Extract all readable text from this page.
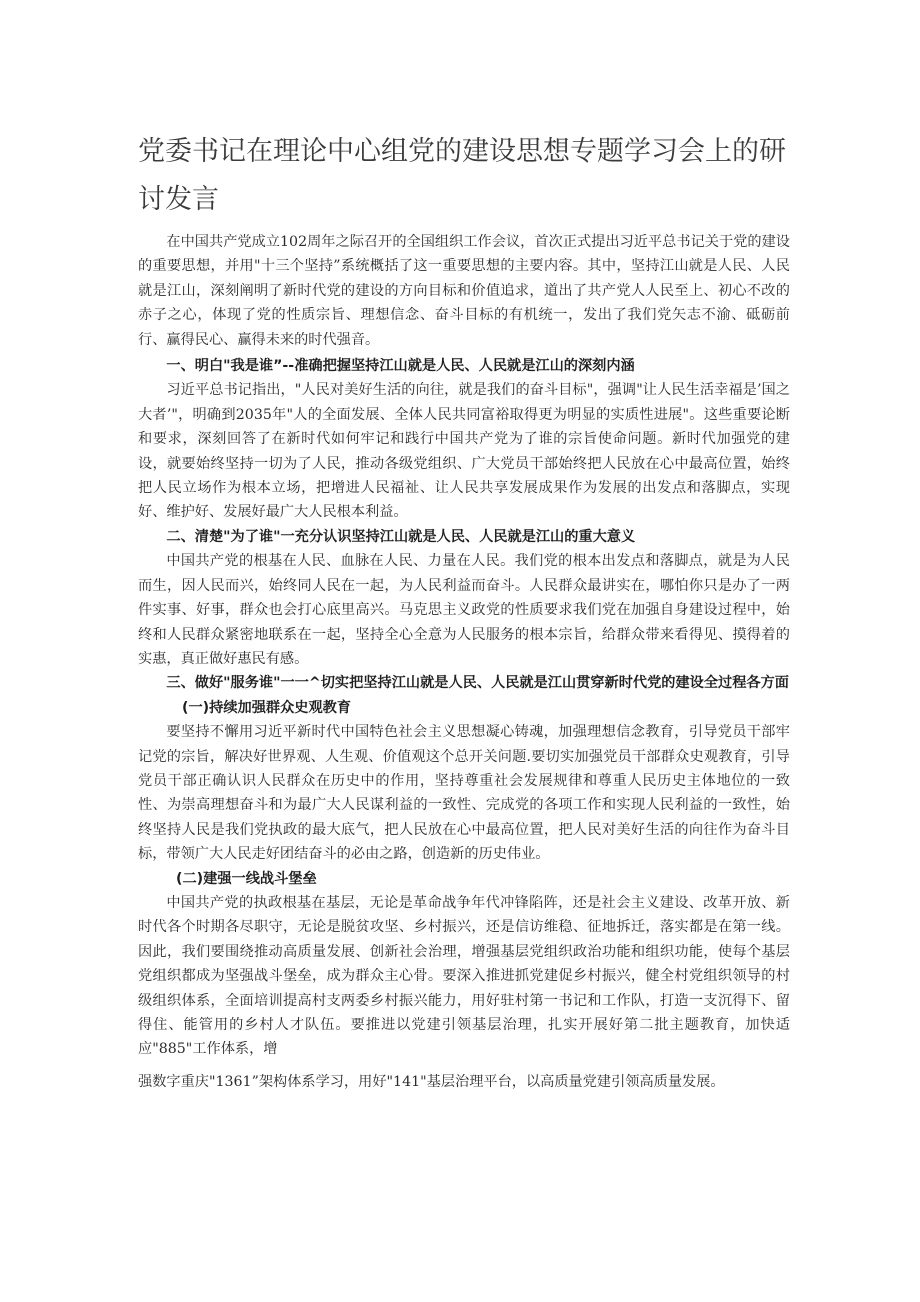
党委书记在理论中心组党的建设思想专题学习会上的研讨发言

在中国共产党成立102周年之际召开的全国组织工作会议，首次正式提出习近平总书记关于党的建设的重要思想，并用"十三个坚持”系统概括了这一重要思想的主要内容。其中，坚持江山就是人民、人民就是江山，深刻阐明了新时代党的建设的方向目标和价值追求，道出了共产党人人民至上、初心不改的赤子之心，体现了党的性质宗旨、理想信念、奋斗目标的有机统一，发出了我们党矢志不渝、砥砺前行、赢得民心、赢得未来的时代强音。

一、明白"我是谁”--准确把握坚持江山就是人民、人民就是江山的深刻内涵

习近平总书记指出，"人民对美好生活的向往，就是我们的奋斗目标"，强调"让人民生活幸福是’国之大者’"，明确到2035年"人的全面发展、全体人民共同富裕取得更为明显的实质性进展"。这些重要论断和要求，深刻回答了在新时代如何牢记和践行中国共产党为了谁的宗旨使命问题。新时代加强党的建设，就要始终坚持一切为了人民，推动各级党组织、广大党员干部始终把人民放在心中最高位置，始终把人民立场作为根本立场，把增进人民福祉、让人民共享发展成果作为发展的出发点和落脚点，实现好、维护好、发展好最广大人民根本利益。

二、清楚"为了谁"一充分认识坚持江山就是人民、人民就是江山的重大意义

中国共产党的根基在人民、血脉在人民、力量在人民。我们党的根本出发点和落脚点，就是为人民而生，因人民而兴，始终同人民在一起，为人民利益而奋斗。人民群众最讲实在，哪怕你只是办了一两件实事、好事，群众也会打心底里高兴。马克思主义政党的性质要求我们党在加强自身建设过程中，始终和人民群众紧密地联系在一起，坚持全心全意为人民服务的根本宗旨，给群众带来看得见、摸得着的实惠，真正做好惠民有感。

三、做好"服务谁"一一^切实把坚持江山就是人民、人民就是江山贯穿新时代党的建设全过程各方面
(一)持续加强群众史观教育

要坚持不懈用习近平新时代中国特色社会主义思想凝心铸魂，加强理想信念教育，引导党员干部牢记党的宗旨，解决好世界观、人生观、价值观这个总开关问题.要切实加强党员干部群众史观教育，引导党员干部正确认识人民群众在历史中的作用，坚持尊重社会发展规律和尊重人民历史主体地位的一致性、为崇高理想奋斗和为最广大人民谋利益的一致性、完成党的各项工作和实现人民利益的一致性，始终坚持人民是我们党执政的最大底气，把人民放在心中最高位置，把人民对美好生活的向往作为奋斗目标，带领广大人民走好团结奋斗的必由之路，创造新的历史伟业。

(二)建强一线战斗堡垒

中国共产党的执政根基在基层，无论是革命战争年代冲锋陷阵，还是社会主义建设、改革开放、新时代各个时期各尽职守，无论是脱贫攻坚、乡村振兴，还是信访维稳、征地拆迁，落实都是在第一线。因此，我们要围绕推动高质量发展、创新社会治理，增强基层党组织政治功能和组织功能，使每个基层党组织都成为坚强战斗堡垒，成为群众主心骨。要深入推进抓党建促乡村振兴，健全村党组织领导的村级组织体系，全面培训提高村支两委乡村振兴能力，用好驻村第一书记和工作队，打造一支沉得下、留得住、能管用的乡村人才队伍。要推进以党建引领基层治理，扎实开展好第二批主题教育，加快适应"885"工作体系，增

强数字重庆"1361”架构体系学习，用好"141"基层治理平台，以高质量党建引领高质量发展。
